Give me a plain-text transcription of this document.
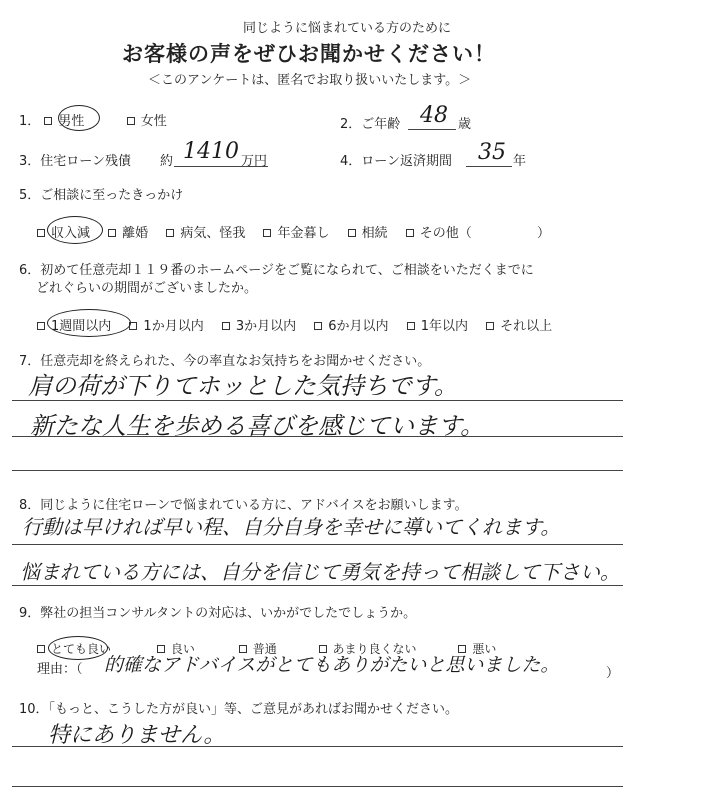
同じように悩まれている方のために
お客様の声をぜひお聞かせください！
＜このアンケートは、匿名でお取り扱いいたします。＞
1． 男性	女性	2．ご年齢 48 歳
3．住宅ローン残債 約 1410 万円	4．ローン返済期間 35 年
5．ご相談に至ったきっかけ
収入減 離婚 病気、怪我 年金暮し 相続 その他（	）
6．初めて任意売却１１９番のホームページをご覧になられて、ご相談をいただくまでに
どれぐらいの期間がございましたか。
1週間以内 1か月以内 3か月以内 6か月以内 1年以内 それ以上
7．任意売却を終えられた、今の率直なお気持ちをお聞かせください。
肩の荷が下りてホッとした気持ちです。
新たな人生を歩める喜びを感じています。
8．同じように住宅ローンで悩まれている方に、アドバイスをお願いします。
行動は早ければ早い程、自分自身を幸せに導いてくれます。
悩まれている方には、自分を信じて勇気を持って相談して下さい。
9．弊社の担当コンサルタントの対応は、いかがでしたでしょうか。
とても良い	良い	普通	あまり良くない	悪い
理由：（ 的確なアドバイスがとてもありがたいと思いました。	）
10．「もっと、こうした方が良い」等、ご意見があればお聞かせください。
特にありません。
